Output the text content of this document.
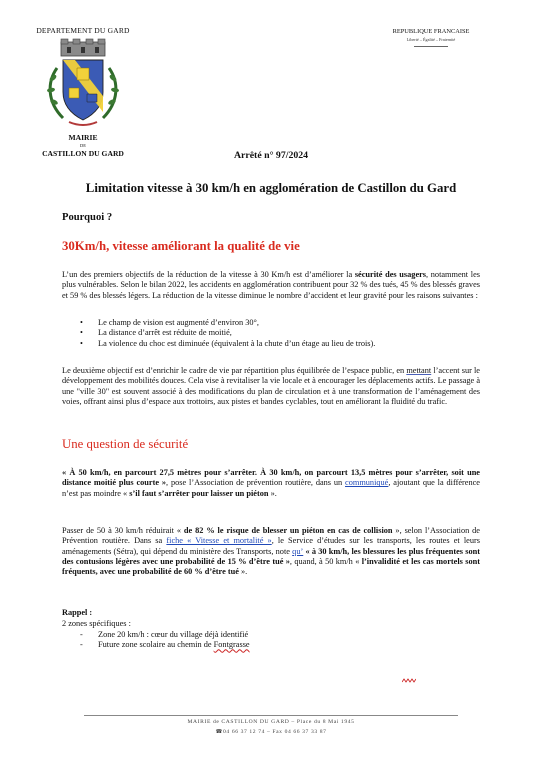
DEPARTEMENT DU GARD
MAIRIE
DE
CASTILLON DU GARD
REPUBLIQUE FRANCAISE
Liberté – Égalité – Fraternité
Arrêté n° 97/2024
Limitation vitesse à 30 km/h en agglomération de Castillon du Gard
Pourquoi ?
30Km/h, vitesse améliorant la qualité de vie
L’un des premiers objectifs de la réduction de la vitesse à 30 Km/h est d’améliorer la sécurité des usagers, notamment les plus vulnérables. Selon le bilan 2022, les accidents en agglomération contribuent pour 32 % des tués, 45 % des blessés graves et 59 % des blessés légers. La réduction de la vitesse diminue le nombre d’accident et leur gravité pour les raisons suivantes :
• Le champ de vision est augmenté d’environ 30°,
• La distance d’arrêt est réduite de moitié,
• La violence du choc est diminuée (équivalent à la chute d’un étage au lieu de trois).
Le deuxième objectif est d’enrichir le cadre de vie par répartition plus équilibrée de l’espace public, en mettant l’accent sur le développement des mobilités douces. Cela vise à revitaliser la vie locale et à encourager les déplacements actifs. Le passage à une "ville 30" est souvent associé à des modifications du plan de circulation et à une transformation de l’aménagement des voies, offrant ainsi plus d’espace aux trottoirs, aux pistes et bandes cyclables, tout en améliorant la fluidité du trafic.
Une question de sécurité
« À 50 km/h, en parcourt 27,5 mètres pour s’arrêter. À 30 km/h, on parcourt 13,5 mètres pour s’arrêter, soit une distance moitié plus courte », pose l’Association de prévention routière, dans un communiqué, ajoutant que la différence n’est pas moindre « s’il faut s’arrêter pour laisser un piéton ».
Passer de 50 à 30 km/h réduirait « de 82 % le risque de blesser un piéton en cas de collision », selon l’Association de Prévention routière. Dans sa fiche « Vitesse et mortalité », le Service d’études sur les transports, les routes et leurs aménagements (Sétra), qui dépend du ministère des Transports, note qu’ « à 30 km/h, les blessures les plus fréquentes sont des contusions légères avec une probabilité de 15 % d’être tué », quand, à 50 km/h « l’invalidité et les cas mortels sont fréquents, avec une probabilité de 60 % d’être tué ».
Rappel :
2 zones spécifiques :
- Zone 20 km/h : cœur du village déjà identifié
- Future zone scolaire au chemin de Fontgrasse
MAIRIE de CASTILLON DU GARD – Place du 8 Mai 1945
☎04 66 37 12 74 – Fax 04 66 37 33 87
